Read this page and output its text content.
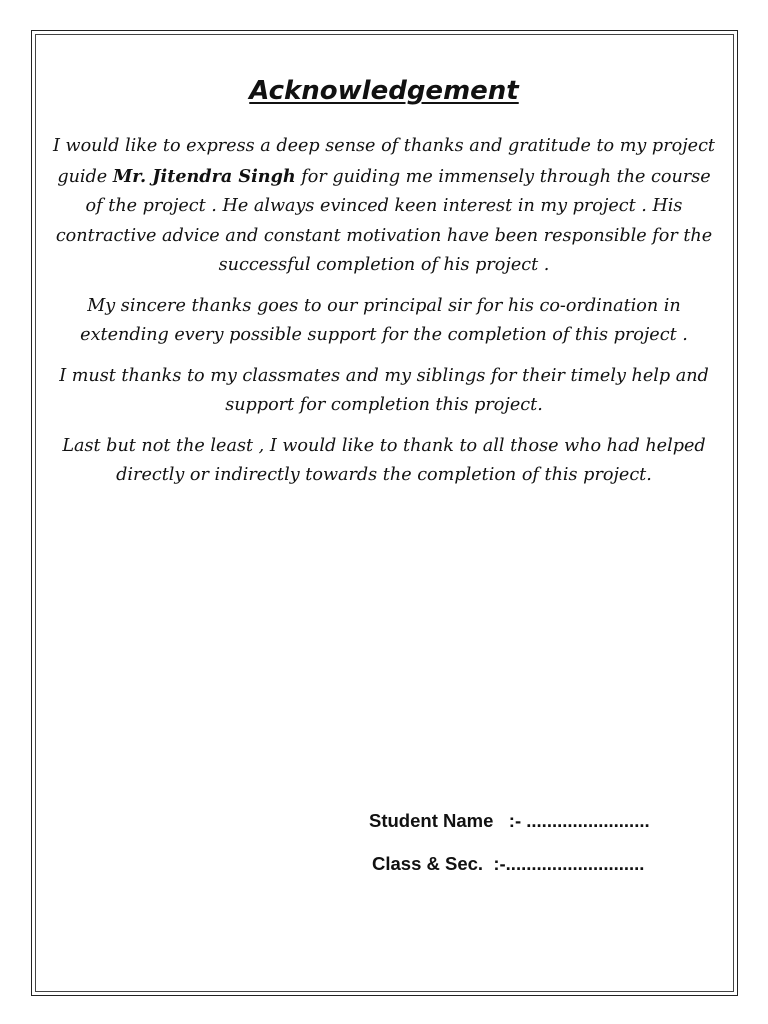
Acknowledgement

I would like to express a deep sense of thanks and gratitude to my project guide Mr. Jitendra Singh for guiding me immensely through the course of the project . He always evinced keen interest in my project . His contractive advice and constant motivation have been responsible for the successful completion of his project .

My sincere thanks goes to our principal sir for his co-ordination in extending every possible support for the completion of this project .

I must thanks to my classmates and my siblings for their timely help and support for completion this project.

Last but not the least , I would like to thank to all those who had helped directly or indirectly towards the completion of this project.

Student Name   :- ........................
Class & Sec.  :-...........................
